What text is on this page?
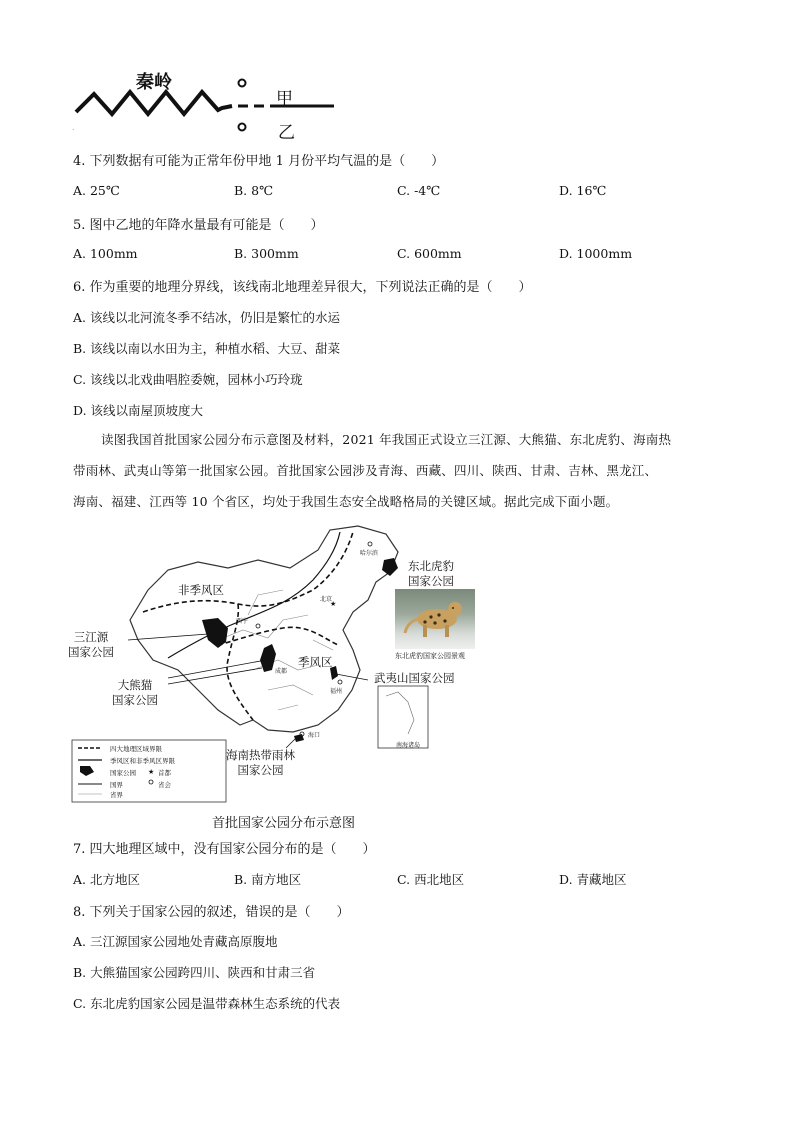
.
秦岭
甲
乙
4. 下列数据有可能为正常年份甲地 1 月份平均气温的是（　　）
A. 25℃	B. 8℃	C. -4℃	D. 16℃
5. 图中乙地的年降水量最有可能是（　　）
A. 100mm	B. 300mm	C. 600mm	D. 1000mm
6. 作为重要的地理分界线，该线南北地理差异很大，下列说法正确的是（　　）
A. 该线以北河流冬季不结冰，仍旧是繁忙的水运
B. 该线以南以水田为主，种植水稻、大豆、甜菜
C. 该线以北戏曲唱腔委婉，园林小巧玲珑
D. 该线以南屋顶坡度大
读图我国首批国家公园分布示意图及材料，2021 年我国正式设立三江源、大熊猫、东北虎豹、海南热
带雨林、武夷山等第一批国家公园。首批国家公园涉及青海、西藏、四川、陕西、甘肃、吉林、黑龙江、
海南、福建、江西等 10 个省区，均处于我国生态安全战略格局的关键区域。据此完成下面小题。
★
★
非季风区
季风区
三江源
国家公园
大熊猫
国家公园
东北虎豹
国家公园
武夷山国家公园
海南热带雨林
国家公园
哈尔滨
北京
西宁
成都
福州
海口
南海诸岛
四大地理区域界限
季风区和非季风区界限
国家公园	首都
国界	省会
省界
东北虎豹国家公园景观
首批国家公园分布示意图
7. 四大地理区域中，没有国家公园分布的是（　　）
A. 北方地区	B. 南方地区	C. 西北地区	D. 青藏地区
8. 下列关于国家公园的叙述，错误的是（　　）
A. 三江源国家公园地处青藏高原腹地
B. 大熊猫国家公园跨四川、陕西和甘肃三省
C. 东北虎豹国家公园是温带森林生态系统的代表
